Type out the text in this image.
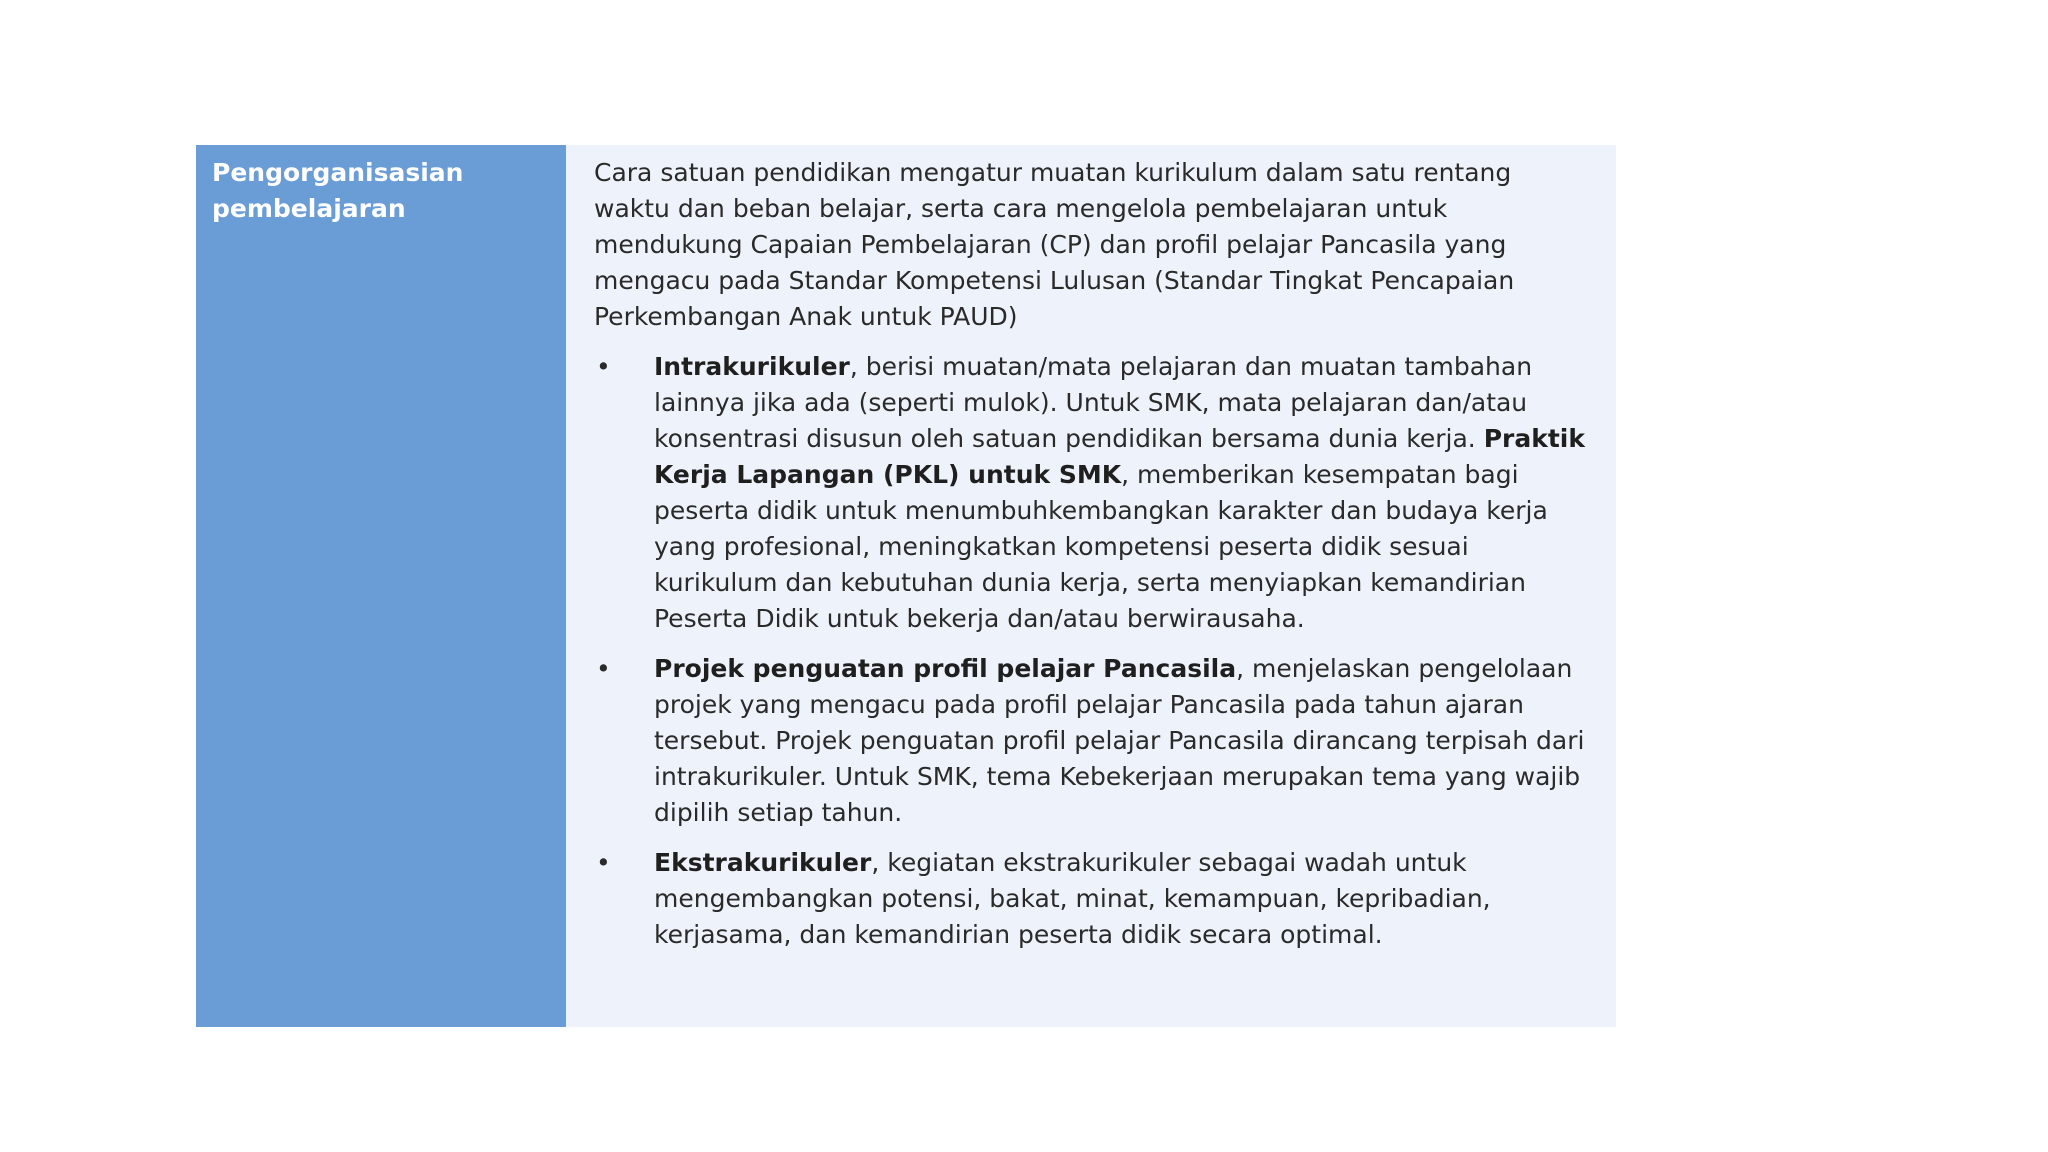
Pengorganisasian
pembelajaran

Cara satuan pendidikan mengatur muatan kurikulum dalam satu rentang waktu dan beban belajar, serta cara mengelola pembelajaran untuk mendukung Capaian Pembelajaran (CP) dan profil pelajar Pancasila yang mengacu pada Standar Kompetensi Lulusan (Standar Tingkat Pencapaian Perkembangan Anak untuk PAUD)

•	Intrakurikuler, berisi muatan/mata pelajaran dan muatan tambahan lainnya jika ada (seperti mulok). Untuk SMK, mata pelajaran dan/atau konsentrasi disusun oleh satuan pendidikan bersama dunia kerja. Praktik Kerja Lapangan (PKL) untuk SMK, memberikan kesempatan bagi peserta didik untuk menumbuhkembangkan karakter dan budaya kerja yang profesional, meningkatkan kompetensi peserta didik sesuai kurikulum dan kebutuhan dunia kerja, serta menyiapkan kemandirian Peserta Didik untuk bekerja dan/atau berwirausaha.

•	Projek penguatan profil pelajar Pancasila, menjelaskan pengelolaan projek yang mengacu pada profil pelajar Pancasila pada tahun ajaran tersebut. Projek penguatan profil pelajar Pancasila dirancang terpisah dari intrakurikuler. Untuk SMK, tema Kebekerjaan merupakan tema yang wajib dipilih setiap tahun.

•	Ekstrakurikuler, kegiatan ekstrakurikuler sebagai wadah untuk mengembangkan potensi, bakat, minat, kemampuan, kepribadian, kerjasama, dan kemandirian peserta didik secara optimal.
